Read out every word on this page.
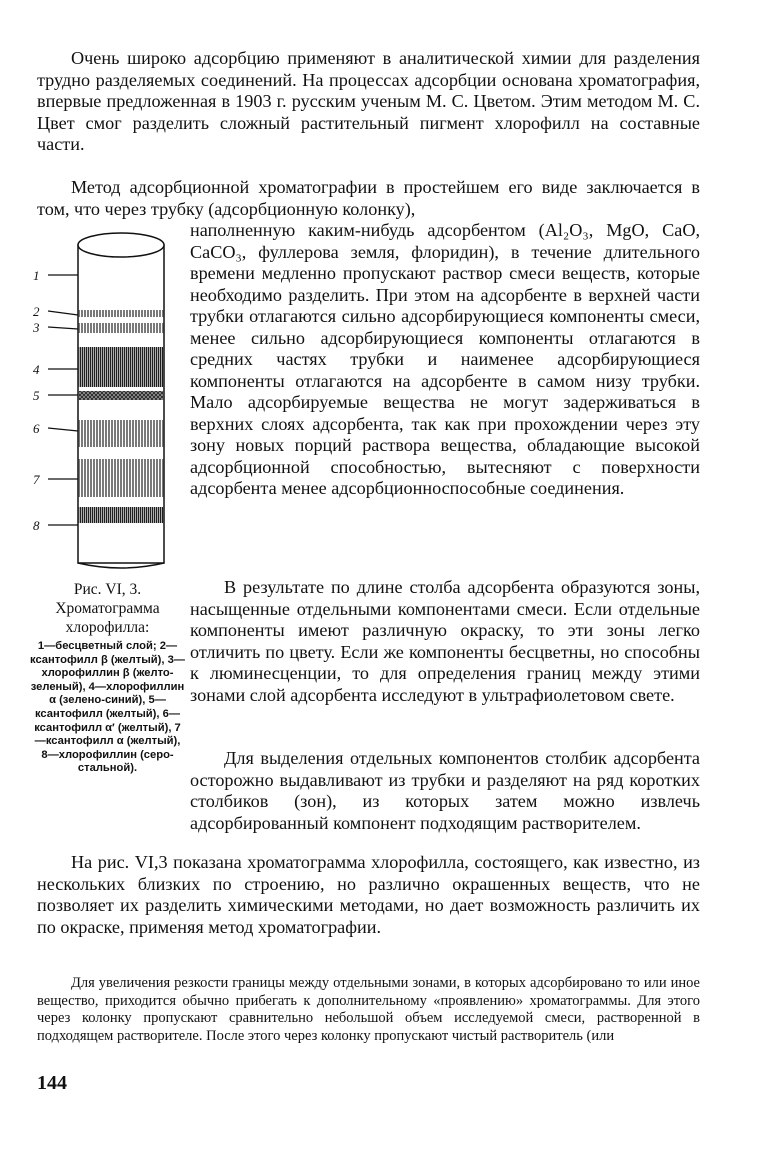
Очень широко адсорбцию применяют в аналитической химии для разделения трудно разделяемых соединений. На процессах адсорбции основана хроматография, впервые предложенная в 1903 г. русским ученым М. С. Цветом. Этим методом М. С. Цвет смог разделить сложный растительный пигмент хлорофилл на составные части.

Метод адсорбционной хроматографии в простейшем его виде заключается в том, что через трубку (адсорбционную колонку),

наполненную каким-нибудь адсорбентом (Al₂O₃, MgO, CaO, CaCO₃, фуллерова земля, флоридин), в течение длительного времени медленно пропускают раствор смеси веществ, которые необходимо разделить. При этом на адсорбенте в верхней части трубки отлагаются сильно адсорбирующиеся компоненты смеси, менее сильно адсорбирующиеся компоненты отлагаются в средних частях трубки и наименее адсорбирующиеся компоненты отлагаются на адсорбенте в самом низу трубки. Мало адсорбируемые вещества не могут задерживаться в верхних слоях адсорбента, так как при прохождении через эту зону новых порций раствора вещества, обладающие высокой адсорбционной способностью, вытесняют с поверхности адсорбента менее адсорбционноспособные соединения.

1
2
3
4
5
6
7
8
Рис. VI, 3. Хроматограмма хлорофилла:
1—бесцветный слой; 2—ксантофилл β (желтый), 3—хлорофиллин β (желто-зеленый), 4—хлорофиллин α (зелено-синий), 5—ксантофилл (желтый), 6—ксантофилл α′ (желтый), 7—ксантофилл α (желтый), 8—хлорофиллин (серо-стальной).

В результате по длине столба адсорбента образуются зоны, насыщенные отдельными компонентами смеси. Если отдельные компоненты имеют различную окраску, то эти зоны легко отличить по цвету. Если же компоненты бесцветны, но способны к люминесценции, то для определения границ между этими зонами слой адсорбента исследуют в ультрафиолетовом свете.

Для выделения отдельных компонентов столбик адсорбента осторожно выдавливают из трубки и разделяют на ряд коротких столбиков (зон), из которых затем можно извлечь адсорбированный компонент подходящим растворителем.

На рис. VI,3 показана хроматограмма хлорофилла, состоящего, как известно, из нескольких близких по строению, но различно окрашенных веществ, что не позволяет их разделить химическими методами, но дает возможность различить их по окраске, применяя метод хроматографии.

Для увеличения резкости границы между отдельными зонами, в которых адсорбировано то или иное вещество, приходится обычно прибегать к дополнительному «проявлению» хроматограммы. Для этого через колонку пропускают сравнительно небольшой объем исследуемой смеси, растворенной в подходящем растворителе. После этого через колонку пропускают чистый растворитель (или

144
